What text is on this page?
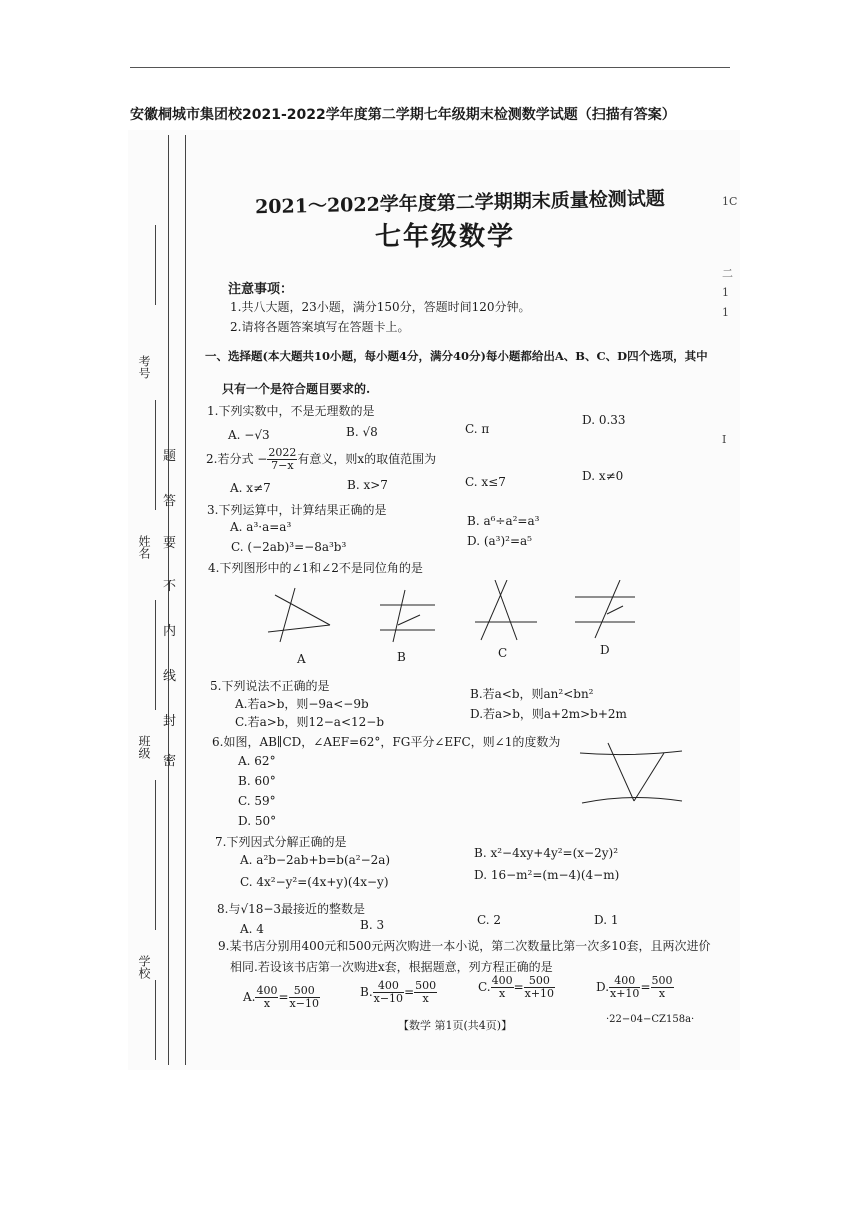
安徽桐城市集团校2021-2022学年度第二学期七年级期末检测数学试题（扫描有答案）
考号
姓名
班级
学校
题
答
要
不
内
线
封
密
2021～2022学年度第二学期期末质量检测试题
七年级数学
注意事项：
1.共八大题，23小题，满分150分，答题时间120分钟。
2.请将各题答案填写在答题卡上。
一、选择题(本大题共10小题，每小题4分，满分40分)每小题都给出A、B、C、D四个选项，其中
只有一个是符合题目要求的.
1.下列实数中，不是无理数的是
A. −√3	B. √8	C. π
D. 0.33
2.若分式 − $\frac{2022}{7-x}$ 有意义，则x的取值范围为
A. x≠7	B. x>7	C. x≤7	D. x≠0
3.下列运算中，计算结果正确的是
A. a³·a=a³	B. a⁶÷a²=a³
C. (−2ab)³=−8a³b³	D. (a³)²=a⁵
4.下列图形中的∠1和∠2不是同位角的是
A	B	C	D
5.下列说法不正确的是
A.若a>b，则−9a<−9b
B.若a<b，则an²<bn²
C.若a>b，则12−a<12−b
D.若a>b，则a+2m>b+2m
6.如图，AB∥CD，∠AEF=62°，FG平分∠EFC，则∠1的度数为
A. 62°
B. 60°
C. 59°
D. 50°
7.下列因式分解正确的是
A. a²b−2ab+b=b(a²−2a)	B. x²−4xy+4y²=(x−2y)²
C. 4x²−y²=(4x+y)(4x−y)	D. 16−m²=(m−4)(4−m)
8.与√18−3最接近的整数是
A. 4	B. 3	C. 2	D. 1
9.某书店分别用400元和500元两次购进一本小说，第二次数量比第一次多10套，且两次进价
相同.若设该书店第一次购进x套，根据题意，列方程正确的是
A. $\frac{400}{x} = \frac{500}{x-10}$	B. $\frac{400}{x-10} = \frac{500}{x}$	C. $\frac{400}{x} = \frac{500}{x+10}$	D. $\frac{400}{x+10} = \frac{500}{x}$
【数学 第1页(共4页)】	·22−04−CZ158a·
1C
二
1
1
I
